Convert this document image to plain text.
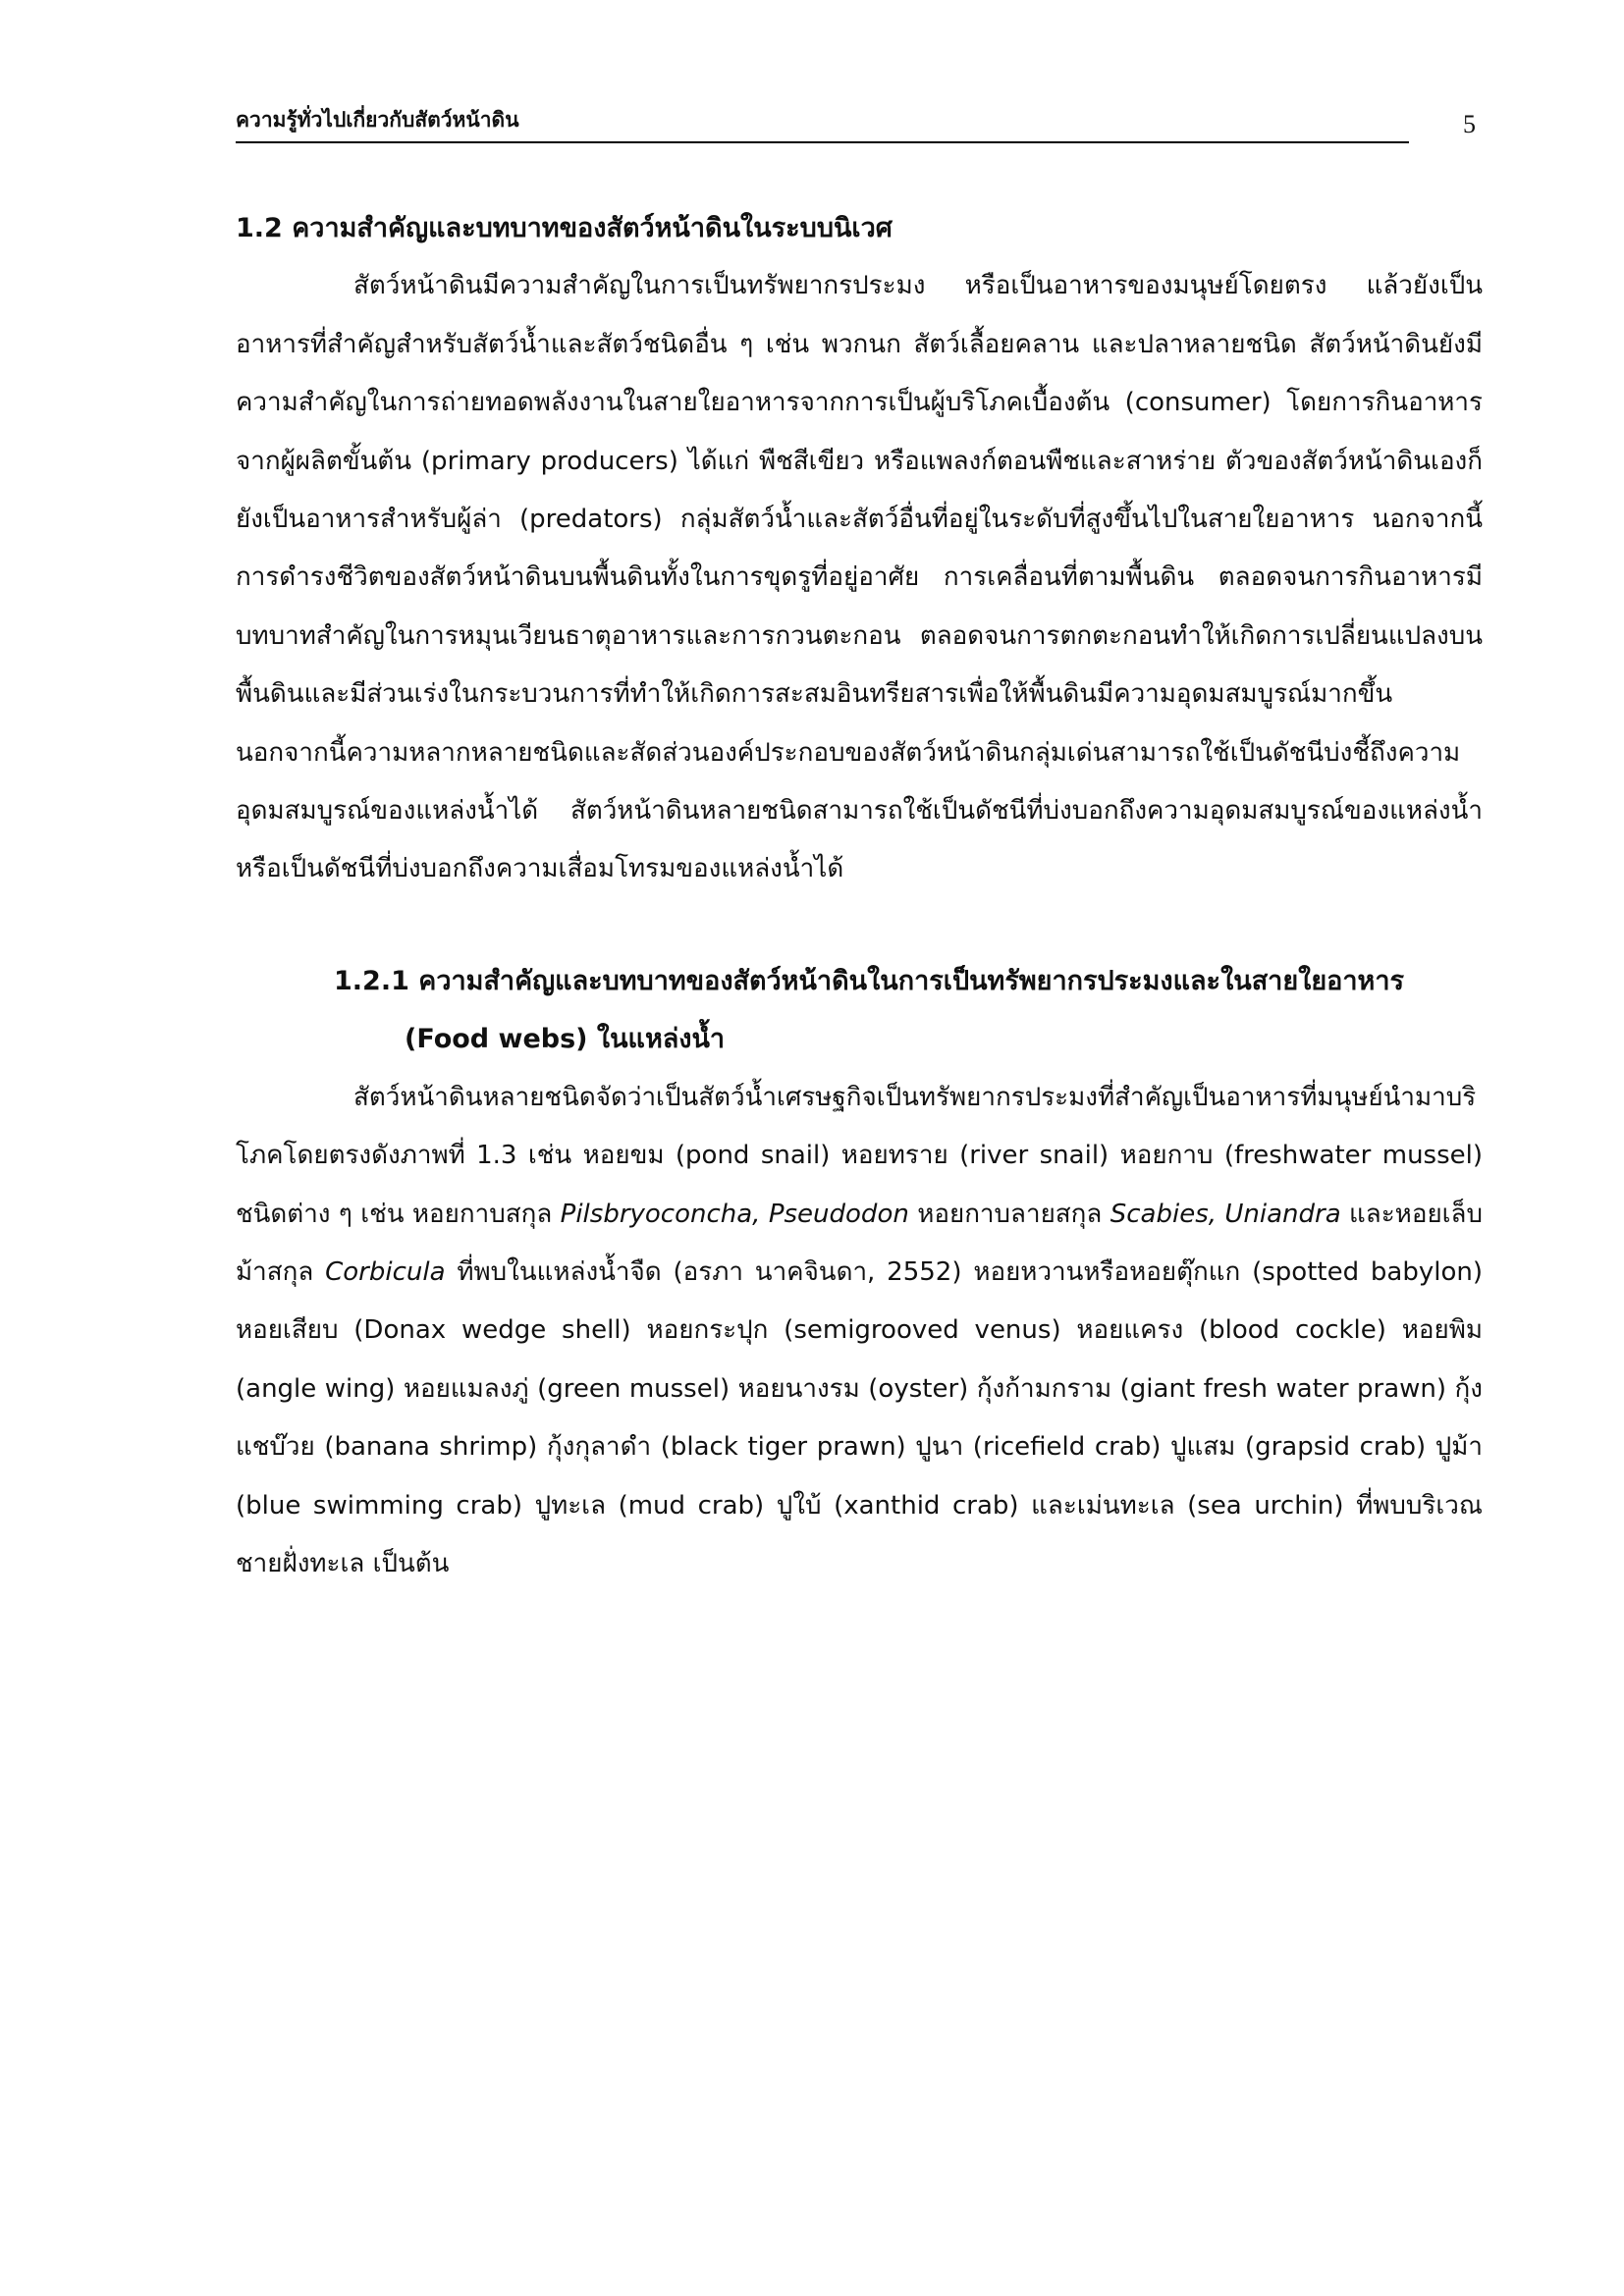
ความรู้ทั่วไปเกี่ยวกับสัตว์หน้าดิน	5

1.2 ความสำคัญและบทบาทของสัตว์หน้าดินในระบบนิเวศ

สัตว์หน้าดินมีความสำคัญในการเป็นทรัพยากรประมง หรือเป็นอาหารของมนุษย์โดยตรง แล้วยังเป็นอาหารที่สำคัญสำหรับสัตว์น้ำและสัตว์ชนิดอื่น ๆ เช่น พวกนก สัตว์เลื้อยคลาน และปลาหลายชนิด สัตว์หน้าดินยังมีความสำคัญในการถ่ายทอดพลังงานในสายใยอาหารจากการเป็นผู้บริโภคเบื้องต้น (consumer) โดยการกินอาหารจากผู้ผลิตขั้นต้น (primary producers) ได้แก่ พืชสีเขียว หรือแพลงก์ตอนพืชและสาหร่าย ตัวของสัตว์หน้าดินเองก็ยังเป็นอาหารสำหรับผู้ล่า (predators) กลุ่มสัตว์น้ำและสัตว์อื่นที่อยู่ในระดับที่สูงขึ้นไปในสายใยอาหาร นอกจากนี้การดำรงชีวิตของสัตว์หน้าดินบนพื้นดินทั้งในการขุดรูที่อยู่อาศัย การเคลื่อนที่ตามพื้นดิน ตลอดจนการกินอาหารมีบทบาทสำคัญในการหมุนเวียนธาตุอาหารและการกวนตะกอน ตลอดจนการตกตะกอนทำให้เกิดการเปลี่ยนแปลงบนพื้นดินและมีส่วนเร่งในกระบวนการที่ทำให้เกิดการสะสมอินทรียสารเพื่อให้พื้นดินมีความอุดมสมบูรณ์มากขึ้น นอกจากนี้ความหลากหลายชนิดและสัดส่วนองค์ประกอบของสัตว์หน้าดินกลุ่มเด่นสามารถใช้เป็นดัชนีบ่งชี้ถึงความอุดมสมบูรณ์ของแหล่งน้ำได้ สัตว์หน้าดินหลายชนิดสามารถใช้เป็นดัชนีที่บ่งบอกถึงความอุดมสมบูรณ์ของแหล่งน้ำ หรือเป็นดัชนีที่บ่งบอกถึงความเสื่อมโทรมของแหล่งน้ำได้

1.2.1 ความสำคัญและบทบาทของสัตว์หน้าดินในการเป็นทรัพยากรประมงและในสายใยอาหาร
(Food webs) ในแหล่งน้ำ

สัตว์หน้าดินหลายชนิดจัดว่าเป็นสัตว์น้ำเศรษฐกิจเป็นทรัพยากรประมงที่สำคัญเป็นอาหารที่มนุษย์นำมาบริโภคโดยตรงดังภาพที่ 1.3 เช่น หอยขม (pond snail) หอยทราย (river snail) หอยกาบ (freshwater mussel) ชนิดต่าง ๆ เช่น หอยกาบสกุล Pilsbryoconcha, Pseudodon หอยกาบลายสกุล Scabies, Uniandra และหอยเล็บม้าสกุล Corbicula ที่พบในแหล่งน้ำจืด (อรภา นาคจินดา, 2552) หอยหวานหรือหอยตุ๊กแก (spotted babylon) หอยเสียบ (Donax wedge shell) หอยกระปุก (semigrooved venus) หอยแครง (blood cockle) หอยพิม (angle wing) หอยแมลงภู่ (green mussel) หอยนางรม (oyster) กุ้งก้ามกราม (giant fresh water prawn) กุ้งแชบ๊วย (banana shrimp) กุ้งกุลาดำ (black tiger prawn) ปูนา (ricefield crab) ปูแสม (grapsid crab) ปูม้า (blue swimming crab) ปูทะเล (mud crab) ปูใบ้ (xanthid crab) และเม่นทะเล (sea urchin) ที่พบบริเวณชายฝั่งทะเล เป็นต้น
